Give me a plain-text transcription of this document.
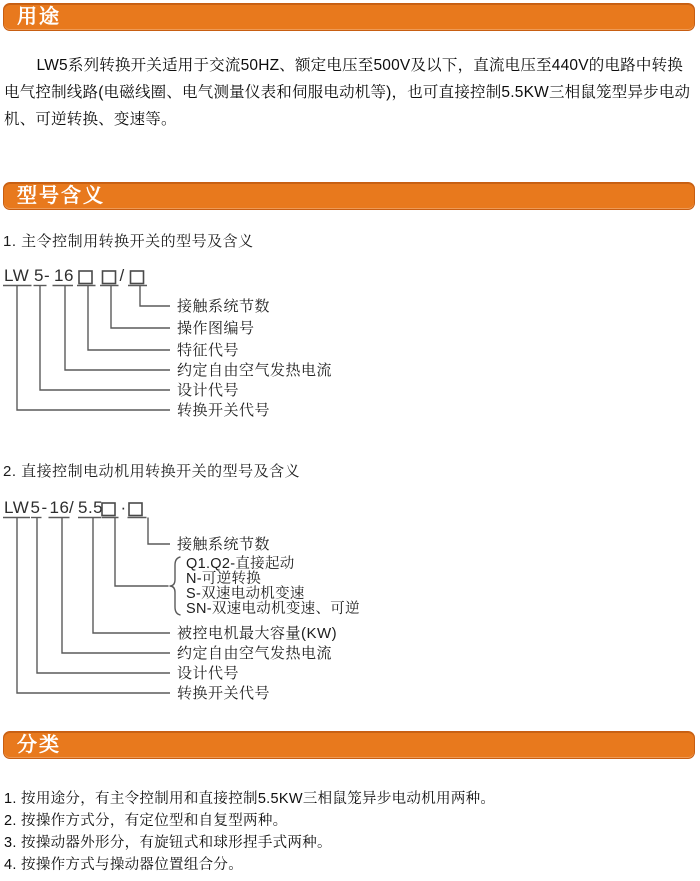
用途

LW5系列转换开关适用于交流50HZ、额定电压至500V及以下，直流电压至440V的电路中转换电气控制线路(电磁线圈、电气测量仪表和伺服电动机等)，也可直接控制5.5KW三相鼠笼型异步电动机、可逆转换、变速等。

型号含义
1. 主令控制用转换开关的型号及含义
LW 5 - 16	/
接触系统节数
操作图编号
特征代号
约定自由空气发热电流
设计代号
转换开关代号
2. 直接控制电动机用转换开关的型号及含义
LW 5 - 16 / 5.5 ·
接触系统节数
Q1.Q2-直接起动
N-可逆转换
S-双速电动机变速
SN-双速电动机变速、可逆
被控电机最大容量(KW)
约定自由空气发热电流
设计代号
转换开关代号
分类
1. 按用途分，有主令控制用和直接控制5.5KW三相鼠笼异步电动机用两种。
2. 按操作方式分，有定位型和自复型两种。
3. 按操动器外形分，有旋钮式和球形捏手式两种。
4. 按操作方式与操动器位置组合分。
